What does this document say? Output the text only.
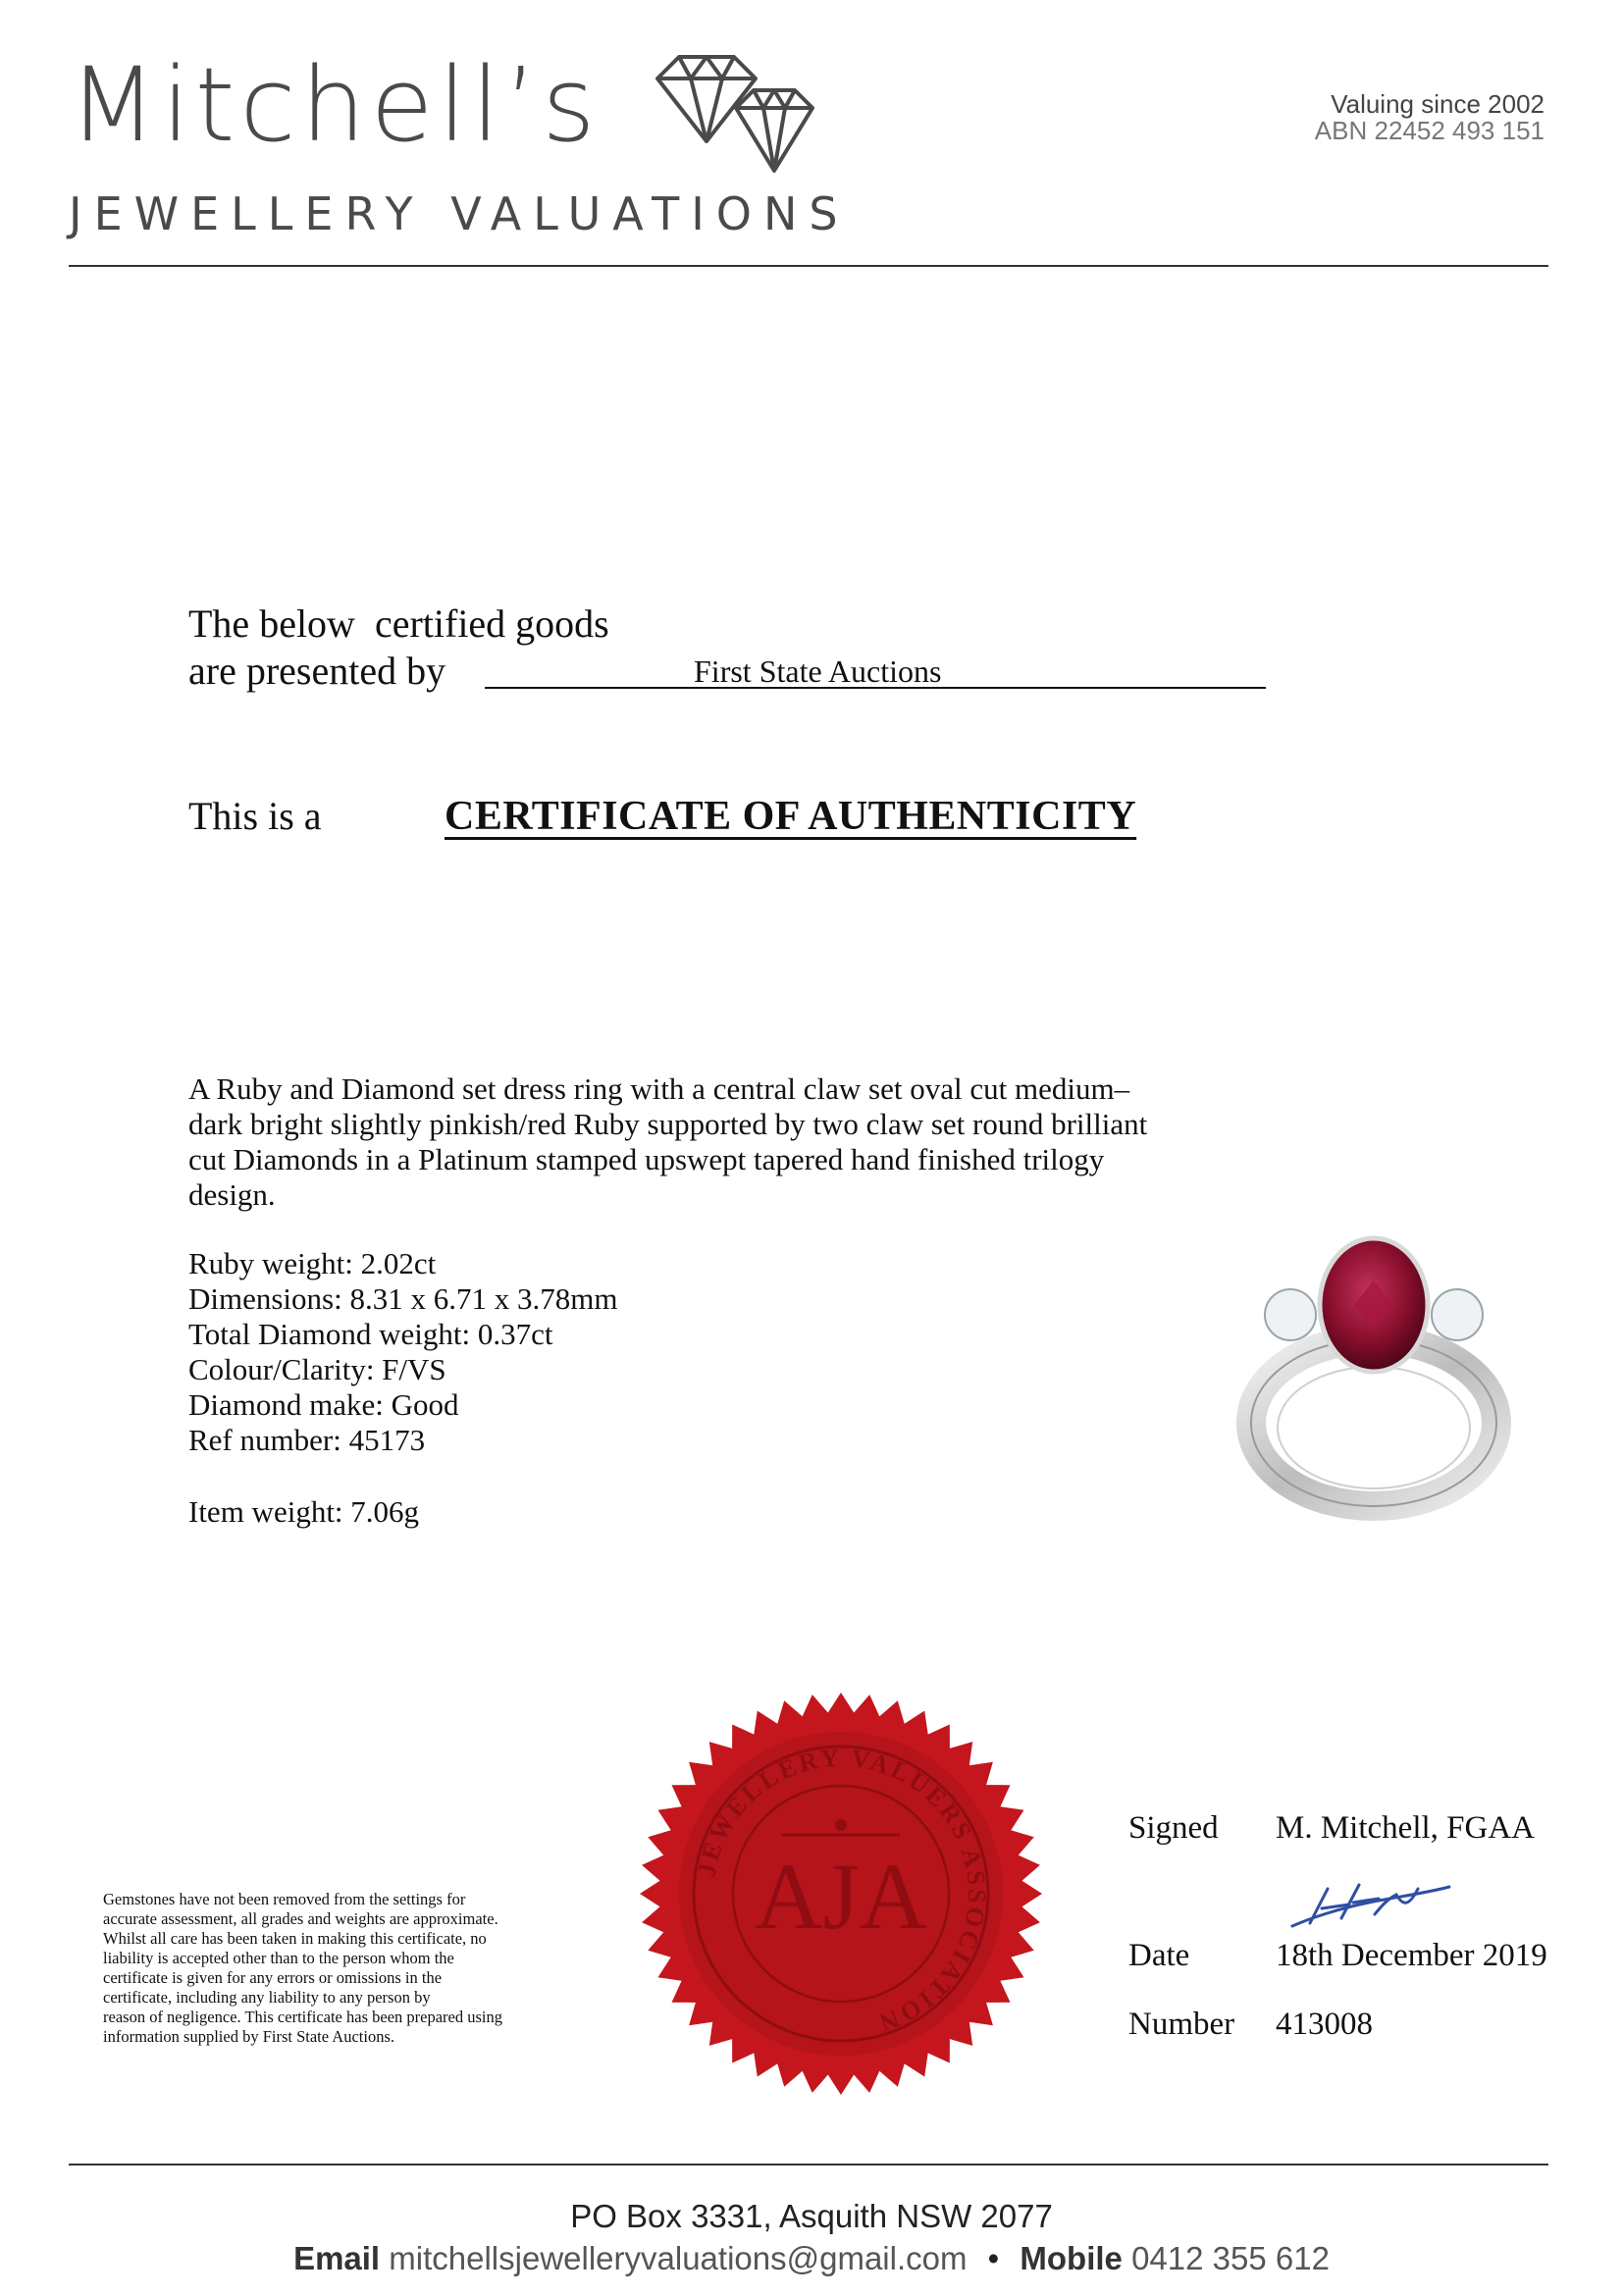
Mitchell’s
JEWELLERY VALUATIONS
Valuing since 2002
ABN 22452 493 151
The below  certified goods
are presented by	First State Auctions
This is a	CERTIFICATE OF AUTHENTICITY

A Ruby and Diamond set dress ring with a central claw set oval cut medium–dark bright slightly pinkish/red Ruby supported by two claw set round brilliant cut Diamonds in a Platinum stamped upswept tapered hand finished trilogy design.

Ruby weight: 2.02ct
Dimensions: 8.31 x 6.71 x 3.78mm
Total Diamond weight: 0.37ct
Colour/Clarity: F/VS
Diamond make: Good
Ref number: 45173
Item weight: 7.06g
JEWELLERY VALUERS ASSOCIATION
AJA
Gemstones have not been removed from the settings for
accurate assessment, all grades and weights are approximate.
Whilst all care has been taken in making this certificate, no
liability is accepted other than to the person whom the
certificate is given for any errors or omissions in the
certificate, including any liability to any person by
reason of negligence. This certificate has been prepared using
information supplied by First State Auctions.
Signed M. Mitchell, FGAA
Date	18th December 2019
Number 413008
PO Box 3331, Asquith NSW 2077
Email mitchellsjewelleryvaluations@gmail.com • Mobile 0412 355 612
